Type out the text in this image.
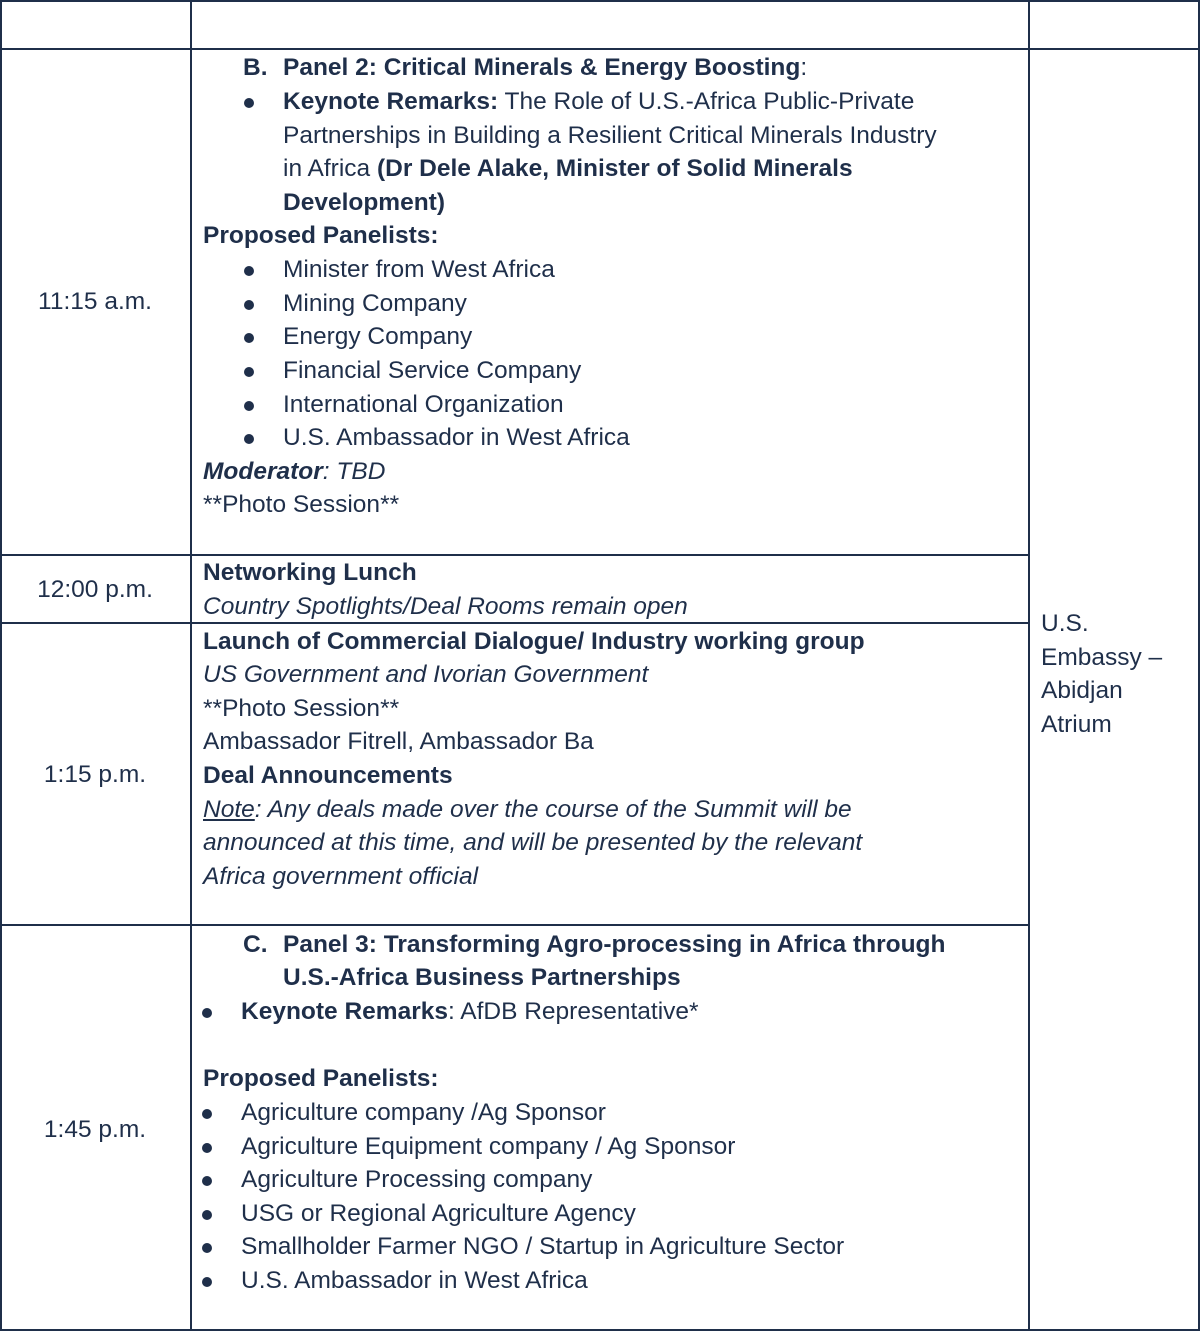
11:15 a.m.
B. Panel 2: Critical Minerals & Energy Boosting:
Keynote Remarks: The Role of U.S.-Africa Public-Private
Partnerships in Building a Resilient Critical Minerals Industry
in Africa (Dr Dele Alake, Minister of Solid Minerals
Development)
Proposed Panelists:
Minister from West Africa
Mining Company
Energy Company
Financial Service Company
International Organization
U.S. Ambassador in West Africa
Moderator: TBD
**Photo Session**
12:00 p.m.
Networking Lunch
Country Spotlights/Deal Rooms remain open
1:15 p.m.
Launch of Commercial Dialogue/ Industry working group
US Government and Ivorian Government
**Photo Session**
Ambassador Fitrell, Ambassador Ba
Deal Announcements
Note: Any deals made over the course of the Summit will be
announced at this time, and will be presented by the relevant
Africa government official
1:45 p.m.
C. Panel 3: Transforming Agro-processing in Africa through
U.S.-Africa Business Partnerships
Keynote Remarks: AfDB Representative*
Proposed Panelists:
Agriculture company /Ag Sponsor
Agriculture Equipment company / Ag Sponsor
Agriculture Processing company
USG or Regional Agriculture Agency
Smallholder Farmer NGO / Startup in Agriculture Sector
U.S. Ambassador in West Africa
U.S.
Embassy –
Abidjan
Atrium
